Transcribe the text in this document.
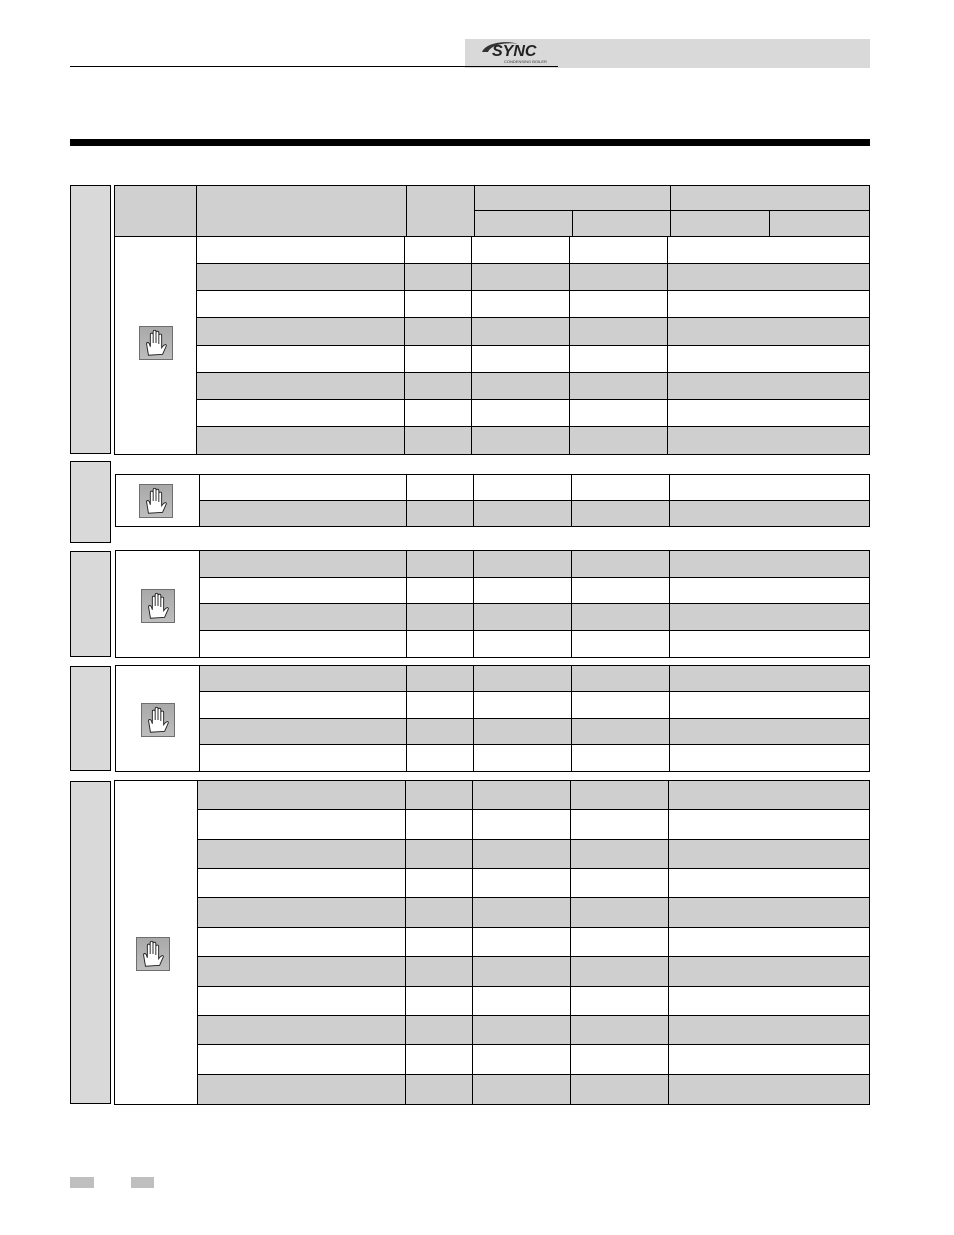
SYNC
CONDENSING BOILER
